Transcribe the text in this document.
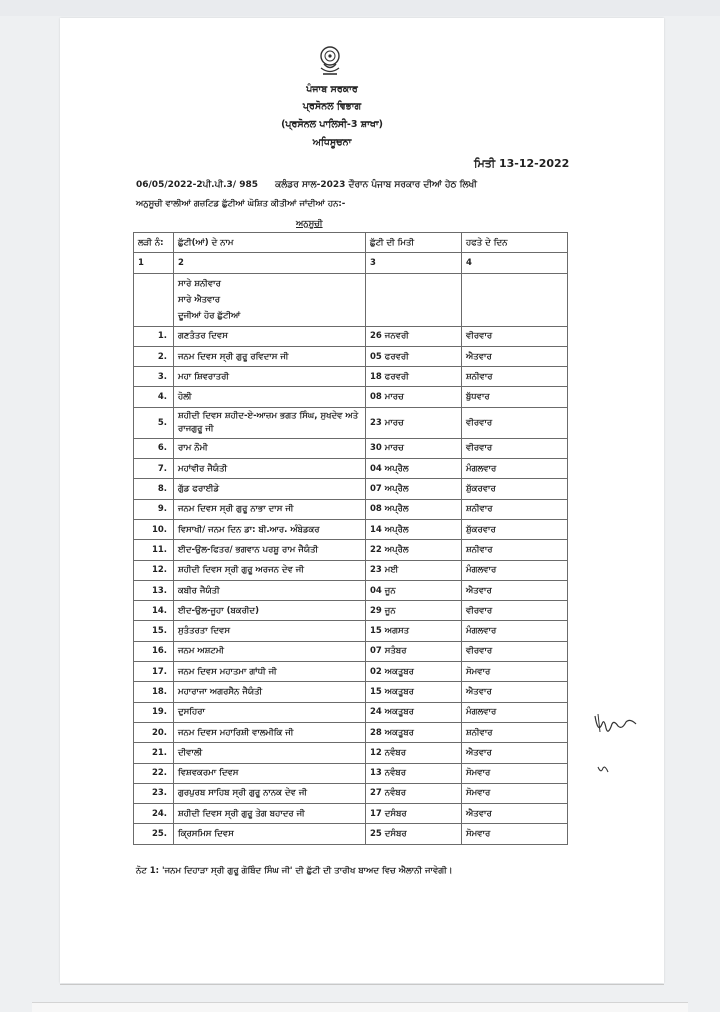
ਪੰਜਾਬ ਸਰਕਾਰ
ਪ੍ਰਸੋਨਲ ਵਿਭਾਗ
(ਪ੍ਰਸੋਨਲ ਪਾਲਿਸੀ-3 ਸ਼ਾਖਾ)
ਅਧਿਸੂਚਨਾ
ਮਿਤੀ 13-12-2022
06/05/2022-2ਪੀ.ਪੀ.3/ 985 ਕਲੰਡਰ ਸਾਲ-2023 ਦੌਰਾਨ ਪੰਜਾਬ ਸਰਕਾਰ ਦੀਆਂ ਹੇਠ ਲਿਖੀ
ਅਨੁਸੂਚੀ ਵਾਲੀਆਂ ਗਜ਼ਟਿਡ ਛੁੱਟੀਆਂ ਘੋਸ਼ਿਤ ਕੀਤੀਆਂ ਜਾਂਦੀਆਂ ਹਨ:-
ਅਨੁਸੂਚੀ
ਲੜੀ ਨੰ:	ਛੁੱਟੀ(ਆਂ) ਦੇ ਨਾਮ	ਛੁੱਟੀ ਦੀ ਮਿਤੀ	ਹਫਤੇ ਦੇ ਦਿਨ
1	2	3	4

	ਸਾਰੇ ਸ਼ਨੀਵਾਰ
ਸਾਰੇ ਐਤਵਾਰ
ਦੂਜੀਆਂ ਹੋਰ ਛੁੱਟੀਆਂ		

1.	ਗਣਤੰਤਰ ਦਿਵਸ	26 ਜਨਵਰੀ	ਵੀਰਵਾਰ
2.	ਜਨਮ ਦਿਵਸ ਸ੍ਰੀ ਗੁਰੂ ਰਵਿਦਾਸ ਜੀ	05 ਫਰਵਰੀ	ਐਤਵਾਰ
3.	ਮਹਾ ਸ਼ਿਵਰਾਤਰੀ	18 ਫਰਵਰੀ	ਸ਼ਨੀਵਾਰ
4.	ਹੋਲੀ	08 ਮਾਰਚ	ਬੁੱਧਵਾਰ
5.	ਸ਼ਹੀਦੀ ਦਿਵਸ ਸ਼ਹੀਦ-ਏ-ਆਜ਼ਮ ਭਗਤ ਸਿੰਘ, ਸੁਖਦੇਵ ਅਤੇ ਰਾਜਗੁਰੂ ਜੀ	23 ਮਾਰਚ	ਵੀਰਵਾਰ
6.	ਰਾਮ ਨੌਮੀ	30 ਮਾਰਚ	ਵੀਰਵਾਰ
7.	ਮਹਾਂਵੀਰ ਜੈਯੰਤੀ	04 ਅਪ੍ਰੈਲ	ਮੰਗਲਵਾਰ
8.	ਗੁੱਡ ਫਰਾਈਡੇ	07 ਅਪ੍ਰੈਲ	ਸ਼ੁੱਕਰਵਾਰ
9.	ਜਨਮ ਦਿਵਸ ਸ੍ਰੀ ਗੁਰੂ ਨਾਭਾ ਦਾਸ ਜੀ	08 ਅਪ੍ਰੈਲ	ਸ਼ਨੀਵਾਰ
10.	ਵਿਸਾਖੀ/ ਜਨਮ ਦਿਨ ਡਾ: ਬੀ.ਆਰ. ਅੰਬੇਡਕਰ	14 ਅਪ੍ਰੈਲ	ਸ਼ੁੱਕਰਵਾਰ
11.	ਈਦ-ਉਲ-ਫਿਤਰ/ ਭਗਵਾਨ ਪਰਸ਼ੂ ਰਾਮ ਜੈਯੰਤੀ	22 ਅਪ੍ਰੈਲ	ਸ਼ਨੀਵਾਰ
12.	ਸ਼ਹੀਦੀ ਦਿਵਸ ਸ੍ਰੀ ਗੁਰੂ ਅਰਜਨ ਦੇਵ ਜੀ	23 ਮਈ	ਮੰਗਲਵਾਰ
13.	ਕਬੀਰ ਜੈਯੰਤੀ	04 ਜੂਨ	ਐਤਵਾਰ
14.	ਈਦ-ਉਲ-ਜੂਹਾ (ਬਕਰੀਦ)	29 ਜੂਨ	ਵੀਰਵਾਰ
15.	ਸੁਤੰਤਰਤਾ ਦਿਵਸ	15 ਅਗਸਤ	ਮੰਗਲਵਾਰ
16.	ਜਨਮ ਅਸ਼ਟਮੀ	07 ਸਤੰਬਰ	ਵੀਰਵਾਰ
17.	ਜਨਮ ਦਿਵਸ ਮਹਾਤਮਾ ਗਾਂਧੀ ਜੀ	02 ਅਕਤੂਬਰ	ਸੋਮਵਾਰ
18.	ਮਹਾਰਾਜਾ ਅਗਰਸੈਨ ਜੈਯੰਤੀ	15 ਅਕਤੂਬਰ	ਐਤਵਾਰ
19.	ਦੁਸਹਿਰਾ	24 ਅਕਤੂਬਰ	ਮੰਗਲਵਾਰ
20.	ਜਨਮ ਦਿਵਸ ਮਹਾਰਿਸ਼ੀ ਵਾਲਮੀਕਿ ਜੀ	28 ਅਕਤੂਬਰ	ਸ਼ਨੀਵਾਰ
21.	ਦੀਵਾਲੀ	12 ਨਵੰਬਰ	ਐਤਵਾਰ
22.	ਵਿਸ਼ਵਕਰਮਾ ਦਿਵਸ	13 ਨਵੰਬਰ	ਸੋਮਵਾਰ
23.	ਗੁਰਪੁਰਬ ਸਾਹਿਬ ਸ੍ਰੀ ਗੁਰੂ ਨਾਨਕ ਦੇਵ ਜੀ	27 ਨਵੰਬਰ	ਸੋਮਵਾਰ
24.	ਸ਼ਹੀਦੀ ਦਿਵਸ ਸ੍ਰੀ ਗੁਰੂ ਤੇਗ ਬਹਾਦਰ ਜੀ	17 ਦਸੰਬਰ	ਐਤਵਾਰ
25.	ਕ੍ਰਿਸਮਿਸ ਦਿਵਸ	25 ਦਸੰਬਰ	ਸੋਮਵਾਰ
ਨੋਟ 1: 'ਜਨਮ ਦਿਹਾੜਾ ਸ੍ਰੀ ਗੁਰੂ ਗੋਬਿੰਦ ਸਿੰਘ ਜੀ' ਦੀ ਛੁੱਟੀ ਦੀ ਤਾਰੀਖ ਬਾਅਦ ਵਿਚ ਐਲਾਨੀ ਜਾਵੇਗੀ।
